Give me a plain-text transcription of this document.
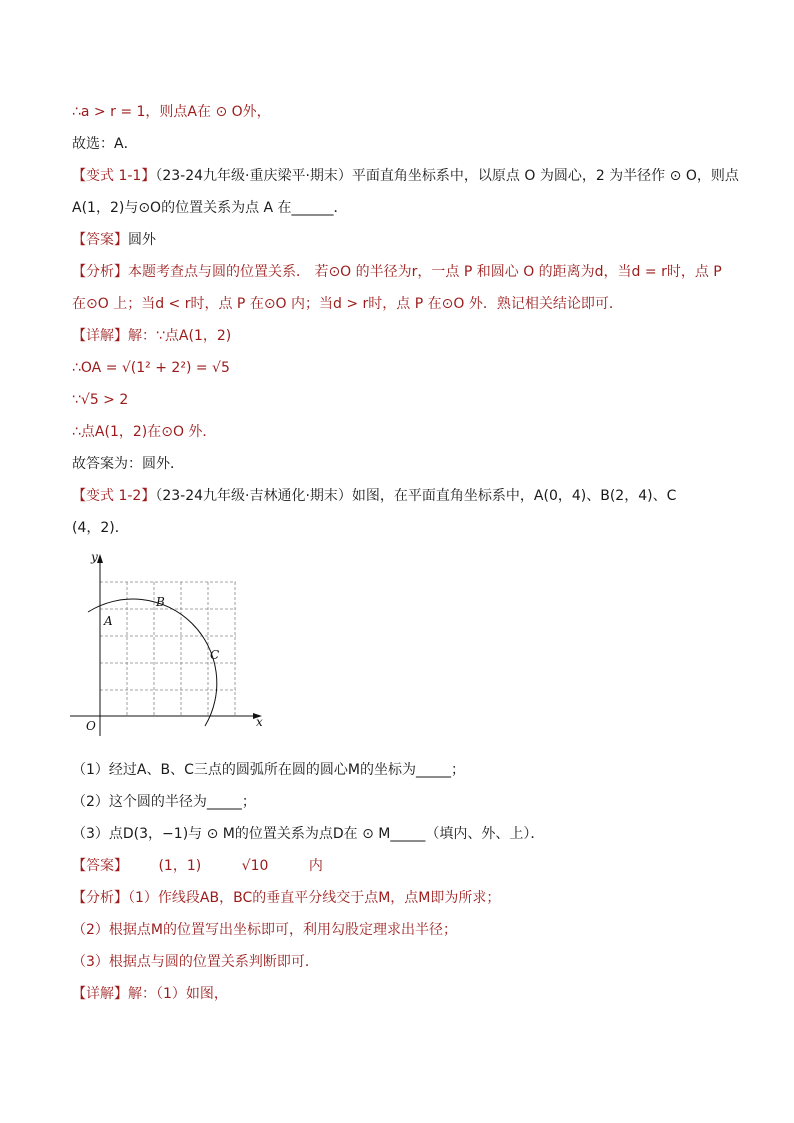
∴a > r = 1，则点A在 ⊙ O外，
故选：A．
【变式 1-1】（23-24九年级·重庆梁平·期末）平面直角坐标系中，以原点 O 为圆心，2 为半径作 ⊙ O，则点
A(1，2)与⊙O的位置关系为点 A 在______．
【答案】圆外
【分析】本题考查点与圆的位置关系． 若⊙O 的半径为r，一点 P 和圆心 O 的距离为d，当d = r时，点 P
在⊙O 上；当d < r时，点 P 在⊙O 内；当d > r时，点 P 在⊙O 外．熟记相关结论即可．
【详解】解：∵点A(1，2)
∴OA = √(1² + 2²) = √5
∵√5 > 2
∴点A(1，2)在⊙O 外．
故答案为：圆外．
【变式 1-2】（23-24九年级·吉林通化·期末）如图，在平面直角坐标系中，A(0，4)、B(2，4)、C
(4，2)．
y
x
O
A
B
C
（1）经过A、B、C三点的圆弧所在圆的圆心M的坐标为_____；
（2）这个圆的半径为_____；
（3）点D(3，−1)与 ⊙ M的位置关系为点D在 ⊙ M_____（填内、外、上）．
【答案】 (1，1)	√10	内
【分析】（1）作线段AB，BC的垂直平分线交于点M，点M即为所求；
（2）根据点M的位置写出坐标即可，利用勾股定理求出半径；
（3）根据点与圆的位置关系判断即可．
【详解】解：（1）如图，
